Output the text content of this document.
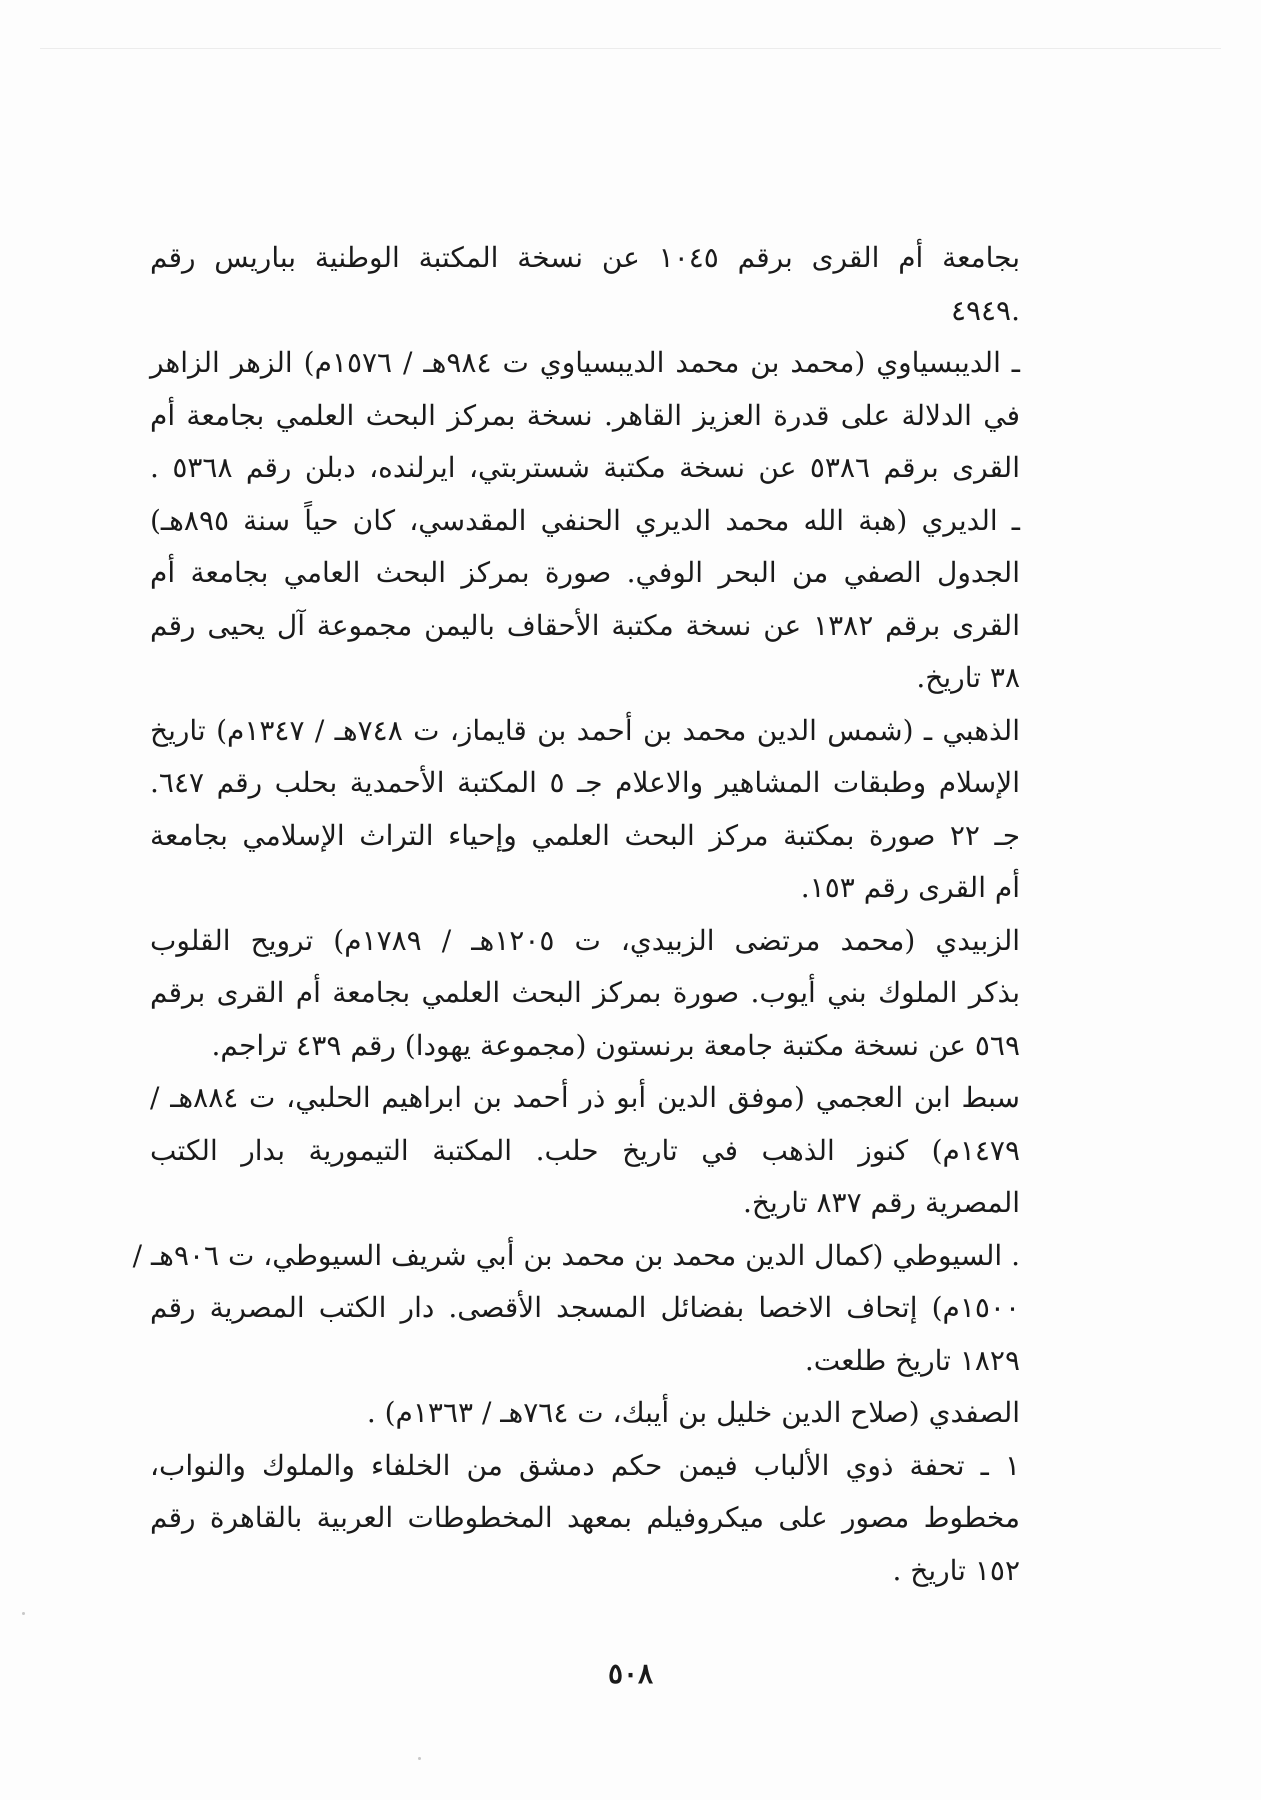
بجامعة أم القرى برقم ١٠٤٥ عن نسخة المكتبة الوطنية بباريس رقم
.٤٩٤٩
ـ الديبسياوي (محمد بن محمد الديبسياوي ت ٩٨٤هـ / ١٥٧٦م) الزهر الزاهر
في الدلالة على قدرة العزيز القاهر. نسخة بمركز البحث العلمي بجامعة أم
القرى برقم ٥٣٨٦ عن نسخة مكتبة شستربتي، ايرلنده، دبلن رقم ٥٣٦٨ .
ـ الديري (هبة الله محمد الديري الحنفي المقدسي، كان حياً سنة ٨٩٥هـ)
الجدول الصفي من البحر الوفي. صورة بمركز البحث العامي بجامعة أم
القرى برقم ١٣٨٢ عن نسخة مكتبة الأحقاف باليمن مجموعة آل يحيى رقم
٣٨ تاريخ.
الذهبي ـ (شمس الدين محمد بن أحمد بن قايماز، ت ٧٤٨هـ / ١٣٤٧م) تاريخ
الإسلام وطبقات المشاهير والاعلام جـ ٥ المكتبة الأحمدية بحلب رقم ٦٤٧.
جـ ٢٢ صورة بمكتبة مركز البحث العلمي وإحياء التراث الإسلامي بجامعة
أم القرى رقم ١٥٣.
الزبيدي (محمد مرتضى الزبيدي، ت ١٢٠٥هـ / ١٧٨٩م) ترويح القلوب
بذكر الملوك بني أيوب. صورة بمركز البحث العلمي بجامعة أم القرى برقم
٥٦٩ عن نسخة مكتبة جامعة برنستون (مجموعة يهودا) رقم ٤٣٩ تراجم.
سبط ابن العجمي (موفق الدين أبو ذر أحمد بن ابراهيم الحلبي، ت ٨٨٤هـ /
١٤٧٩م) كنوز الذهب في تاريخ حلب. المكتبة التيمورية بدار الكتب
المصرية رقم ٨٣٧ تاريخ.
. السيوطي (كمال الدين محمد بن محمد بن أبي شريف السيوطي، ت ٩٠٦هـ /
١٥٠٠م) إتحاف الاخصا بفضائل المسجد الأقصى. دار الكتب المصرية رقم
١٨٢٩ تاريخ طلعت.
الصفدي (صلاح الدين خليل بن أيبك، ت ٧٦٤هـ / ١٣٦٣م) .
١ ـ تحفة ذوي الألباب فيمن حكم دمشق من الخلفاء والملوك والنواب،
مخطوط مصور على ميكروفيلم بمعهد المخطوطات العربية بالقاهرة رقم
١٥٢ تاريخ .
٥٠٨
